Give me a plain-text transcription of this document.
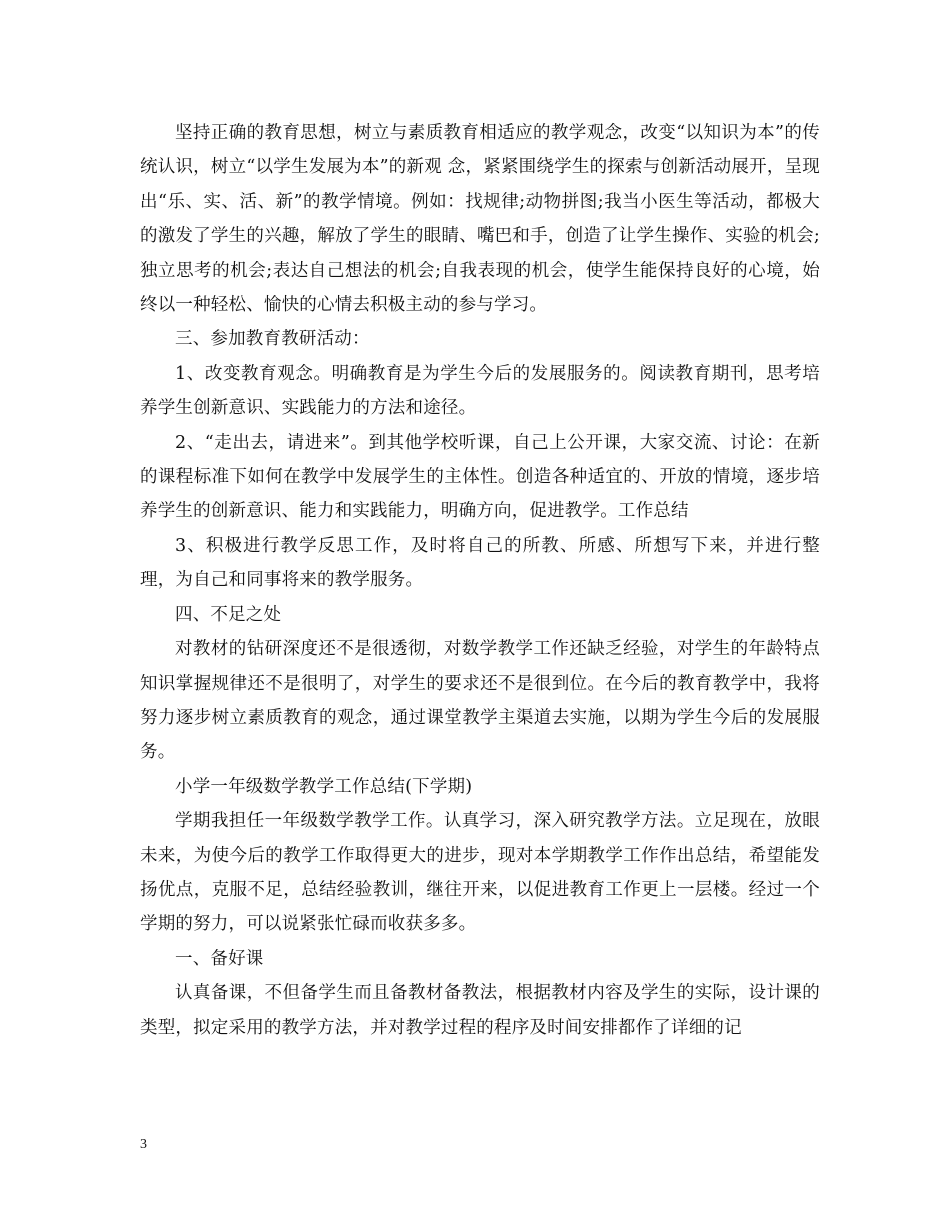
坚持正确的教育思想，树立与素质教育相适应的教学观念，改变“以知识为本”的传统认识，树立“以学生发展为本”的新观 念，紧紧围绕学生的探索与创新活动展开，呈现出“乐、实、活、新”的教学情境。例如：找规律;动物拼图;我当小医生等活动，都极大的激发了学生的兴趣，解放了学生的眼睛、嘴巴和手，创造了让学生操作、实验的机会;独立思考的机会;表达自己想法的机会;自我表现的机会，使学生能保持良好的心境，始终以一种轻松、愉快的心情去积极主动的参与学习。

三、参加教育教研活动：

1、改变教育观念。明确教育是为学生今后的发展服务的。阅读教育期刊，思考培养学生创新意识、实践能力的方法和途径。

2、“走出去，请进来”。到其他学校听课，自己上公开课，大家交流、讨论：在新的课程标准下如何在教学中发展学生的主体性。创造各种适宜的、开放的情境，逐步培养学生的创新意识、能力和实践能力，明确方向，促进教学。工作总结

3、积极进行教学反思工作，及时将自己的所教、所感、所想写下来，并进行整理，为自己和同事将来的教学服务。

四、不足之处

对教材的钻研深度还不是很透彻，对数学教学工作还缺乏经验，对学生的年龄特点知识掌握规律还不是很明了，对学生的要求还不是很到位。在今后的教育教学中，我将努力逐步树立素质教育的观念，通过课堂教学主渠道去实施，以期为学生今后的发展服务。

小学一年级数学教学工作总结(下学期)

学期我担任一年级数学教学工作。认真学习，深入研究教学方法。立足现在，放眼未来，为使今后的教学工作取得更大的进步，现对本学期教学工作作出总结，希望能发扬优点，克服不足，总结经验教训，继往开来，以促进教育工作更上一层楼。经过一个学期的努力，可以说紧张忙碌而收获多多。

一、备好课

认真备课，不但备学生而且备教材备教法，根据教材内容及学生的实际，设计课的类型，拟定采用的教学方法，并对教学过程的程序及时间安排都作了详细的记

3
